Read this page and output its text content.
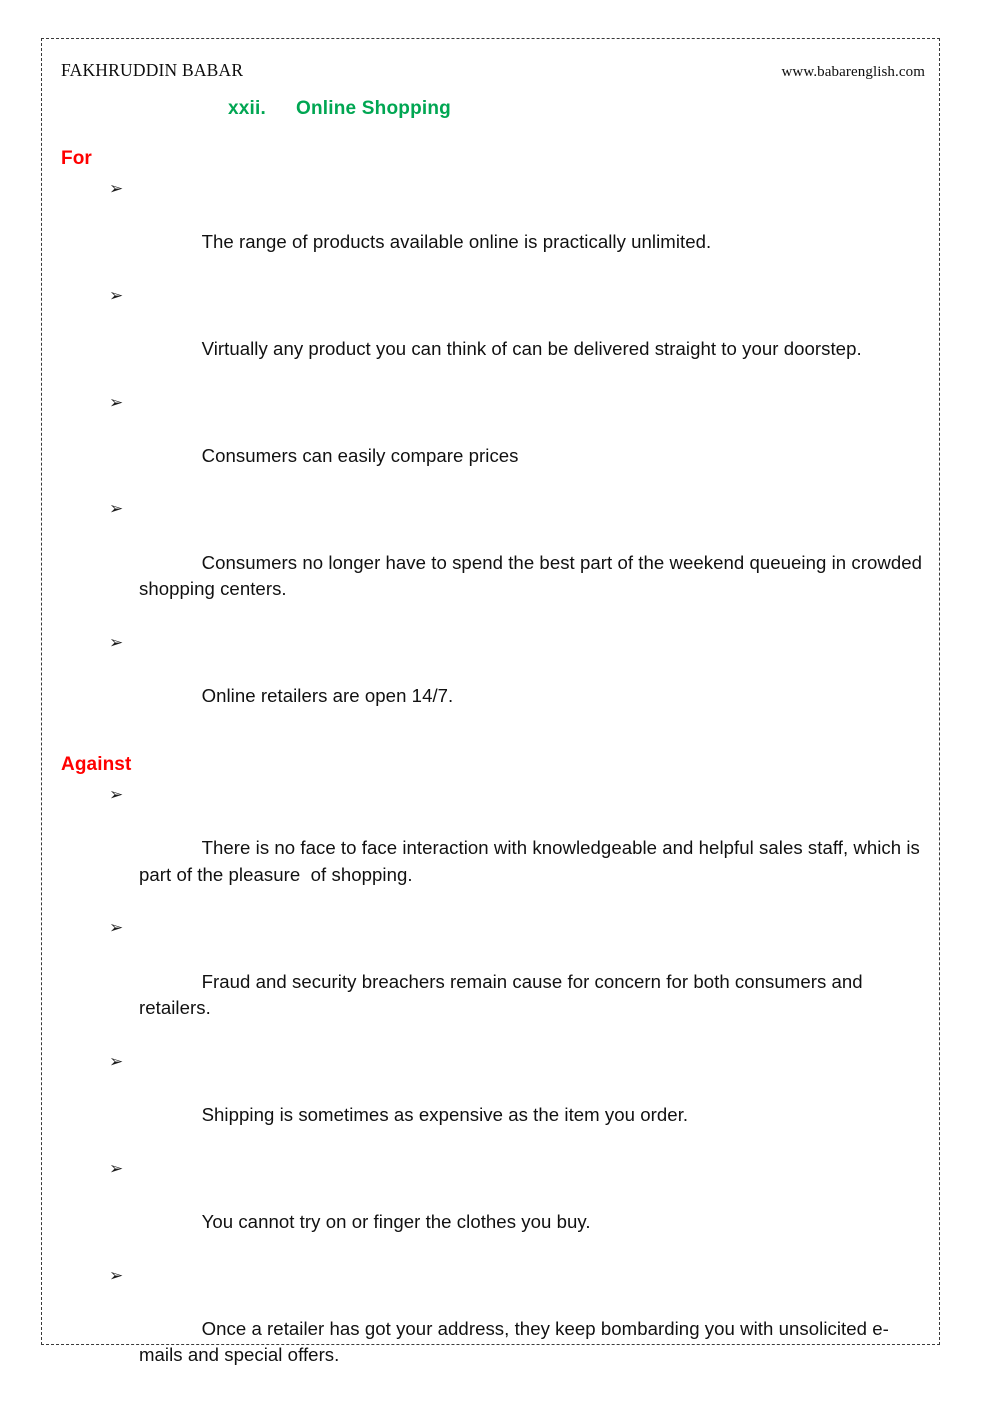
FAKHRUDDIN BABAR	www.babarenglish.com
xxii. Online Shopping
For

➢

The range of products available online is practically unlimited.

➢

Virtually any product you can think of can be delivered straight to your doorstep.

➢

Consumers can easily compare prices

➢

Consumers no longer have to spend the best part of the weekend queueing in crowded shopping centers.

➢

Online retailers are open 14/7.

Against

➢

There is no face to face interaction with knowledgeable and helpful sales staff, which is part of the pleasure  of shopping.

➢

Fraud and security breachers remain cause for concern for both consumers and retailers.

➢

Shipping is sometimes as expensive as the item you order.

➢

You cannot try on or finger the clothes you buy.

➢

Once a retailer has got your address, they keep bombarding you with unsolicited e-mails and special offers.
